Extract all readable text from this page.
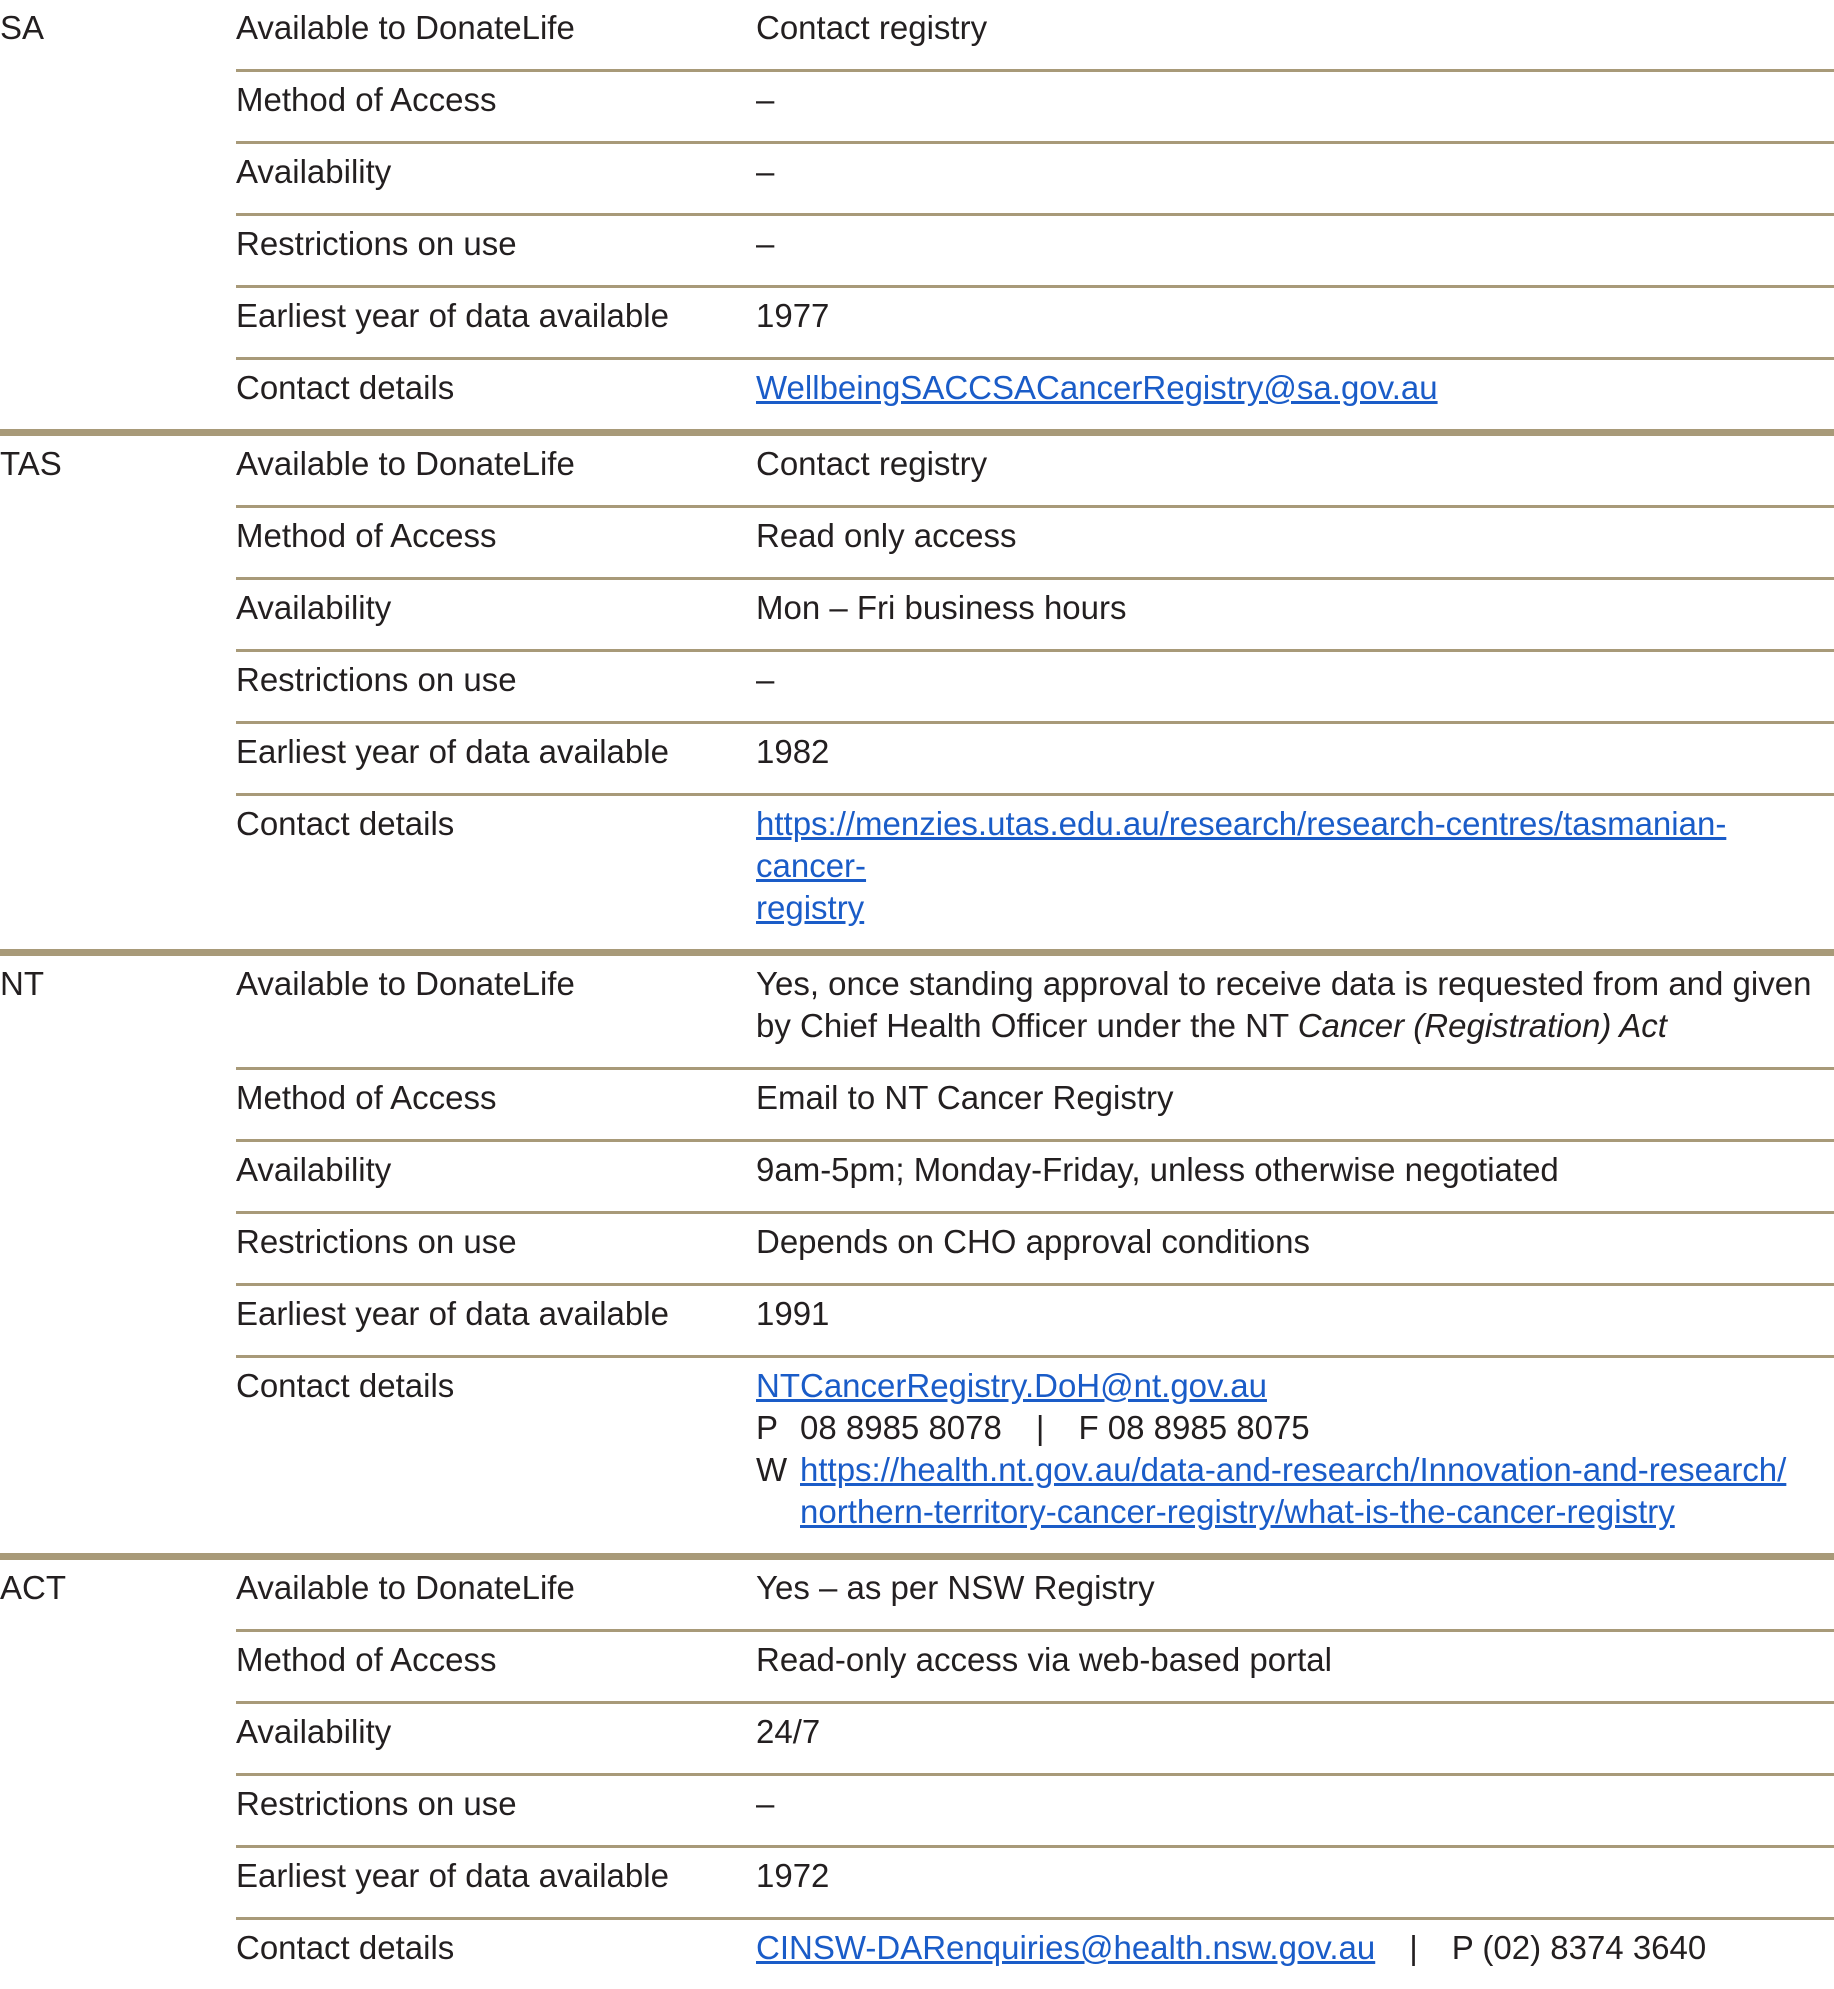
SA	Available to DonateLife	Contact registry
	Method of Access	–
	Availability	–
	Restrictions on use	–
	Earliest year of data available	1977
	Contact details	WellbeingSACCSACancerRegistry@sa.gov.au
TAS	Available to DonateLife	Contact registry
	Method of Access	Read only access
	Availability	Mon – Fri business hours
	Restrictions on use	–
	Earliest year of data available	1982
	Contact details	https://menzies.utas.edu.au/research/research-centres/tasmanian-cancer-
registry

NT	Available to DonateLife	Yes, once standing approval to receive data is requested from and given
by Chief Health Officer under the NT Cancer (Registration) Act

	Method of Access	Email to NT Cancer Registry
	Availability	9am-5pm; Monday-Friday, unless otherwise negotiated
	Restrictions on use	Depends on CHO approval conditions
	Earliest year of data available	1991
	Contact details	NTCancerRegistry.DoH@nt.gov.au
P 08 8985 8078 | F 08 8985 8075
W https://health.nt.gov.au/data-and-research/Innovation-and-research/
northern-territory-cancer-registry/what-is-the-cancer-registry

ACT	Available to DonateLife	Yes – as per NSW Registry
	Method of Access	Read-only access via web-based portal
	Availability	24/7
	Restrictions on use	–
	Earliest year of data available	1972
	Contact details	CINSW-DARenquiries@health.nsw.gov.au | P (02) 8374 3640
